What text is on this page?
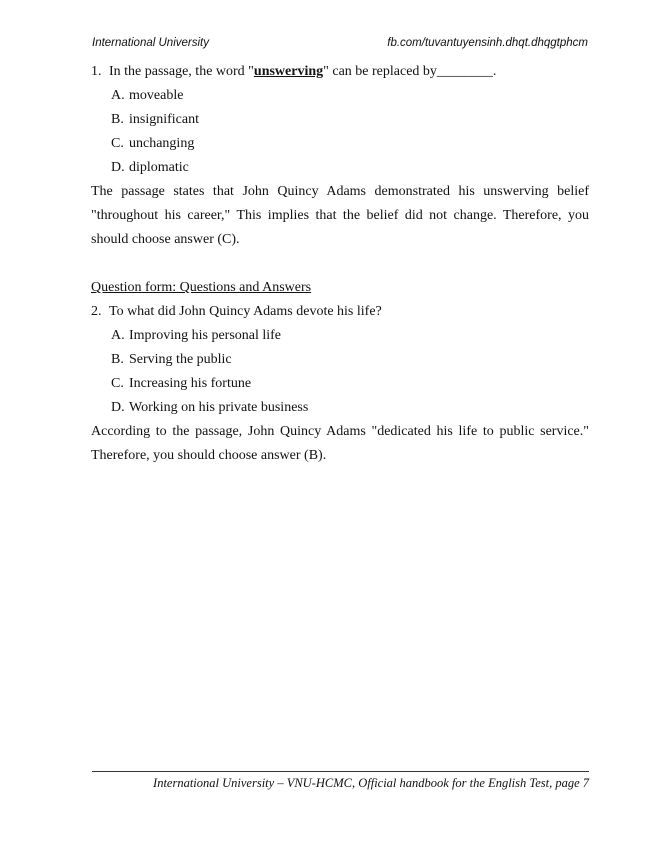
International University	fb.com/tuvantuyensinh.dhqt.dhqgtphcm
1. In the passage, the word "unswerving" can be replaced by________.
A. moveable
B. insignificant
C. unchanging
D. diplomatic
The passage states that John Quincy Adams demonstrated his unswerving belief "throughout his career," This implies that the belief did not change. Therefore, you should choose answer (C).
Question form: Questions and Answers
2. To what did John Quincy Adams devote his life?
A. Improving his personal life
B. Serving the public
C. Increasing his fortune
D. Working on his private business
According to the passage, John Quincy Adams "dedicated his life to public service." Therefore, you should choose answer (B).
International University – VNU-HCMC, Official handbook for the English Test, page 7
